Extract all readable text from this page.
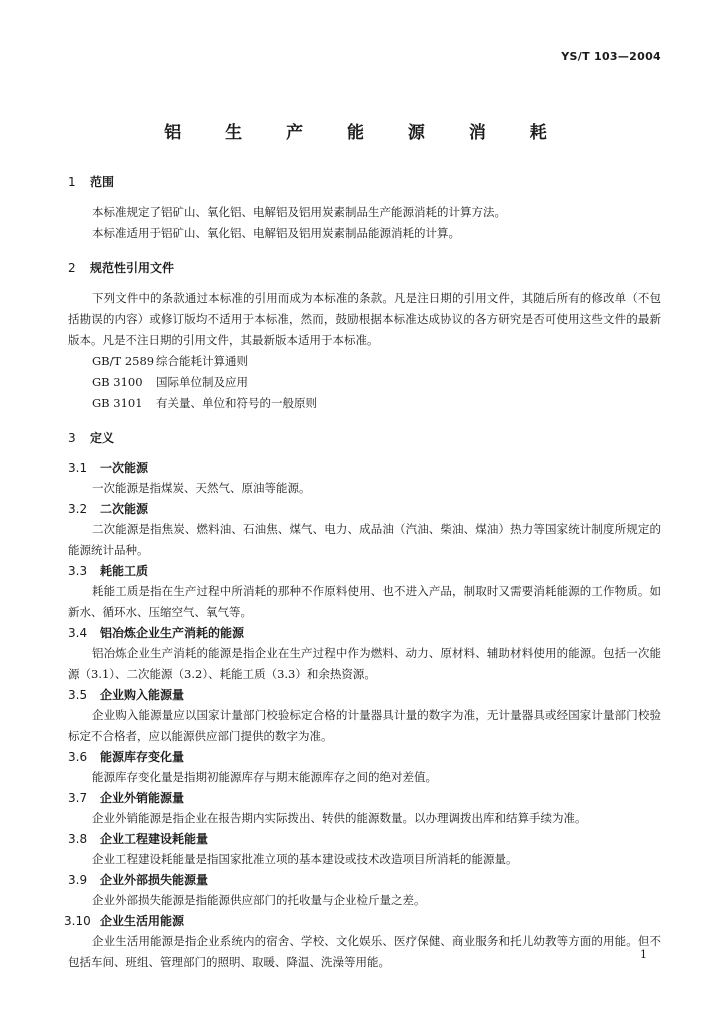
YS/T 103—2004
铝 生 产 能 源 消 耗
1 范围

本标准规定了铝矿山、氧化铝、电解铝及铝用炭素制品生产能源消耗的计算方法。

本标准适用于铝矿山、氧化铝、电解铝及铝用炭素制品能源消耗的计算。

2 规范性引用文件

下列文件中的条款通过本标准的引用而成为本标准的条款。凡是注日期的引用文件，其随后所有的修改单（不包括勘误的内容）或修订版均不适用于本标准，然而，鼓励根据本标准达成协议的各方研究是否可使用这些文件的最新版本。凡是不注日期的引用文件，其最新版本适用于本标准。

GB/T 2589 综合能耗计算通则
GB 3100 国际单位制及应用
GB 3101 有关量、单位和符号的一般原则
3 定义
3.1 一次能源

一次能源是指煤炭、天然气、原油等能源。

3.2 二次能源

二次能源是指焦炭、燃料油、石油焦、煤气、电力、成品油（汽油、柴油、煤油）热力等国家统计制度所规定的能源统计品种。

3.3 耗能工质

耗能工质是指在生产过程中所消耗的那种不作原料使用、也不进入产品，制取时又需要消耗能源的工作物质。如新水、循环水、压缩空气、氧气等。

3.4 铝冶炼企业生产消耗的能源

铝冶炼企业生产消耗的能源是指企业在生产过程中作为燃料、动力、原材料、辅助材料使用的能源。包括一次能源（3.1）、二次能源（3.2）、耗能工质（3.3）和余热资源。

3.5 企业购入能源量

企业购入能源量应以国家计量部门校验标定合格的计量器具计量的数字为准，无计量器具或经国家计量部门校验标定不合格者，应以能源供应部门提供的数字为准。

3.6 能源库存变化量

能源库存变化量是指期初能源库存与期末能源库存之间的绝对差值。

3.7 企业外销能源量

企业外销能源是指企业在报告期内实际拨出、转供的能源数量。以办理调拨出库和结算手续为准。

3.8 企业工程建设耗能量

企业工程建设耗能量是指国家批准立项的基本建设或技术改造项目所消耗的能源量。

3.9 企业外部损失能源量

企业外部损失能源是指能源供应部门的托收量与企业检斤量之差。

3.10 企业生活用能源

企业生活用能源是指企业系统内的宿舍、学校、文化娱乐、医疗保健、商业服务和托儿幼教等方面的用能。但不包括车间、班组、管理部门的照明、取暖、降温、洗澡等用能。

1
